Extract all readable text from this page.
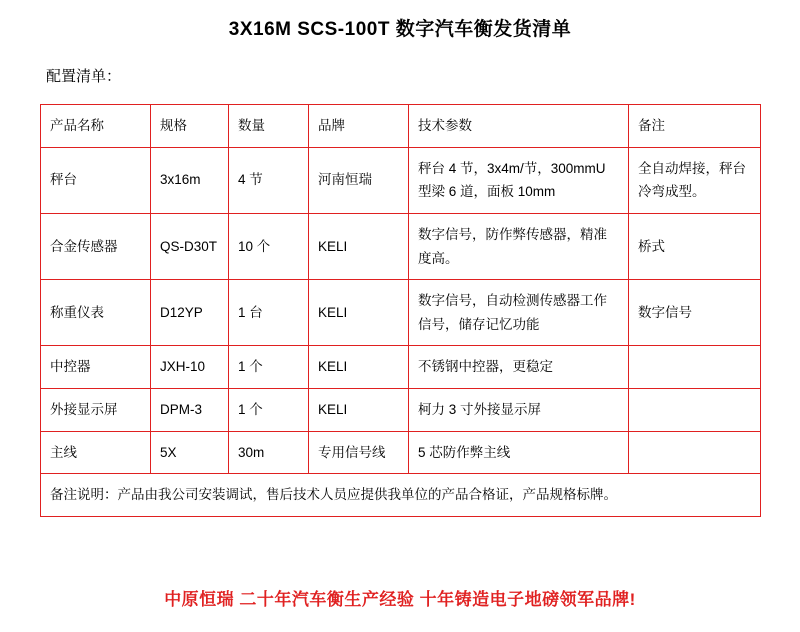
3X16M SCS-100T 数字汽车衡发货清单
配置清单：
产品名称	规格	数量	品牌	技术参数	备注
秤台	3x16m	4 节	河南恒瑞	秤台 4 节，3x4m/节，300mmU 型梁 6 道，面板 10mm	全自动焊接，秤台冷弯成型。
合金传感器	QS-D30T	10 个	KELI	数字信号，防作弊传感器，精准度高。	桥式
称重仪表	D12YP	1 台	KELI	数字信号，自动检测传感器工作信号，储存记忆功能	数字信号
中控器	JXH-10	1 个	KELI	不锈钢中控器，更稳定	
外接显示屏	DPM-3	1 个	KELI	柯力 3 寸外接显示屏	
主线	5X	30m	专用信号线	5 芯防作弊主线	
备注说明：产品由我公司安装调试，售后技术人员应提供我单位的产品合格证，产品规格标牌。					
中原恒瑞 二十年汽车衡生产经验 十年铸造电子地磅领军品牌!
